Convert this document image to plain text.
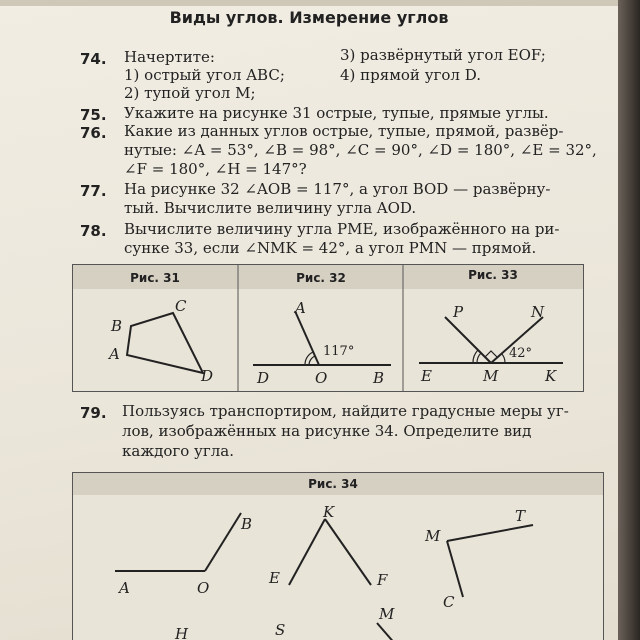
Виды углов. Измерение углов
74. Начертите:
1) острый угол ABC;
2) тупой угол M;
3) развёрнутый угол EOF;
4) прямой угол D.
75. Укажите на рисунке 31 острые, тупые, прямые углы.
76. Какие из данных углов острые, тупые, прямой, развёр-
нутые: ∠A = 53°, ∠B = 98°, ∠C = 90°, ∠D = 180°, ∠E = 32°,
∠F = 180°, ∠H = 147°?
77. На рисунке 32 ∠AOB = 117°, а угол BOD — развёрну-
тый. Вычислите величину угла AOD.
78. Вычислите величину угла PME, изображённого на ри-
сунке 33, если ∠NMK = 42°, а угол PMN — прямой.
Рис. 31	Рис. 32	Рис. 33
A
B
C
D
A
D	O	B
117°
P	N
E	M	K
42°
79. Пользуясь транспортиром, найдите градусные меры уг-
лов, изображённых на рисунке 34. Определите вид
каждого угла.
Рис. 34
B
A	O
K
E	F
M
T
C
H	S
M
